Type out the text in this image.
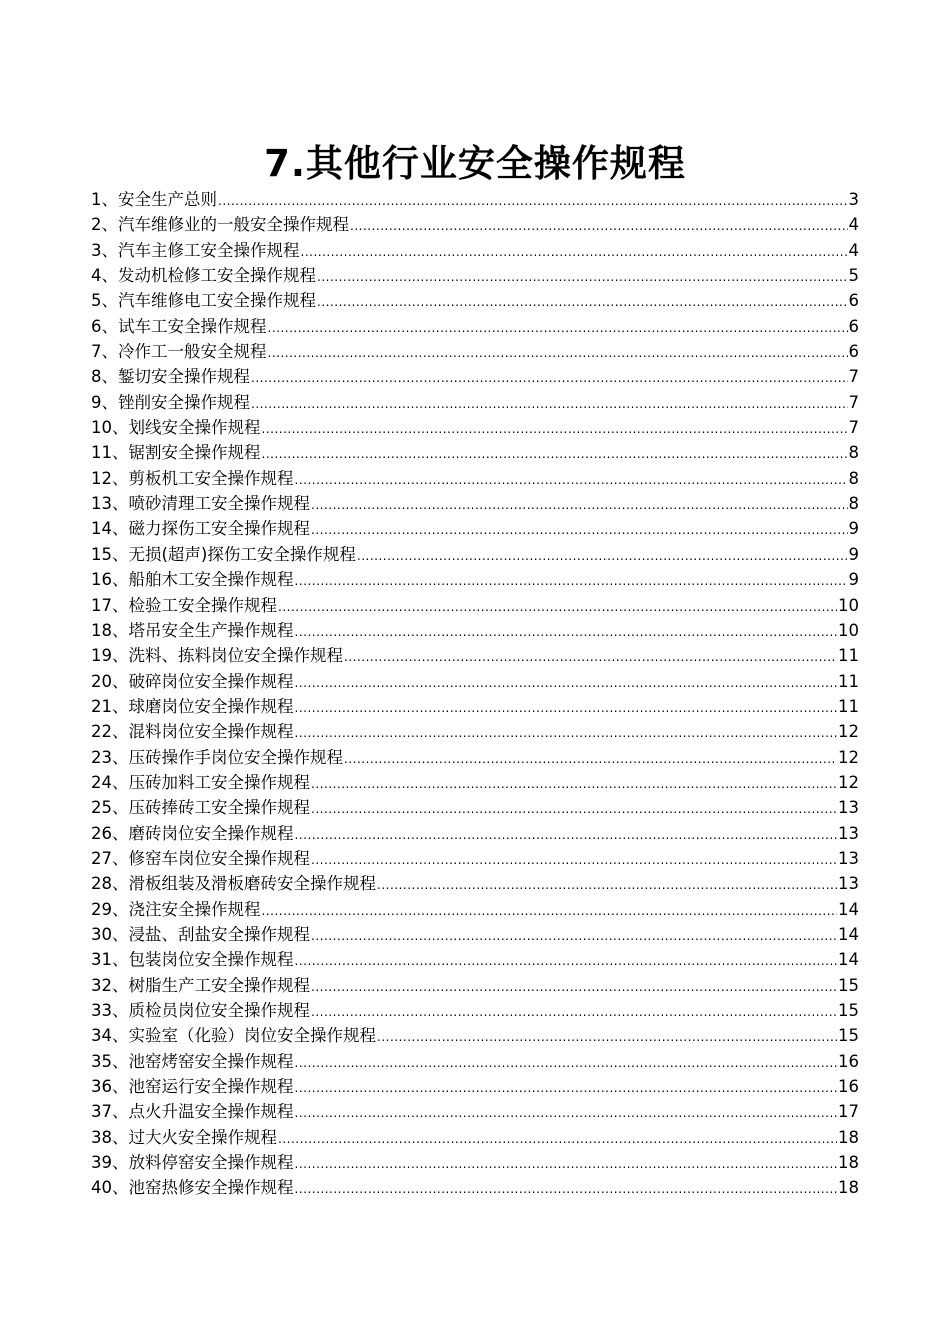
7.其他行业安全操作规程
1、安全生产总则 .....	3
2、汽车维修业的一般安全操作规程 .....	4
3、汽车主修工安全操作规程 .....	4
4、发动机检修工安全操作规程 .....	5
5、汽车维修电工安全操作规程 .....	6
6、试车工安全操作规程 .....	6
7、冷作工一般安全规程 .....	6
8、錾切安全操作规程 .....	7
9、锉削安全操作规程 .....	7
10、划线安全操作规程 .....	7
11、锯割安全操作规程 .....	8
12、剪板机工安全操作规程 .....	8
13、喷砂清理工安全操作规程 .....	8
14、磁力探伤工安全操作规程 .....	9
15、无损(超声)探伤工安全操作规程 .....	9
16、船舶木工安全操作规程 .....	9
17、检验工安全操作规程 .....	10
18、塔吊安全生产操作规程 .....	10
19、洗料、拣料岗位安全操作规程 .....	11
20、破碎岗位安全操作规程 .....	11
21、球磨岗位安全操作规程 .....	11
22、混料岗位安全操作规程 .....	12
23、压砖操作手岗位安全操作规程 .....	12
24、压砖加料工安全操作规程 .....	12
25、压砖捧砖工安全操作规程 .....	13
26、磨砖岗位安全操作规程 .....	13
27、修窑车岗位安全操作规程 .....	13
28、滑板组装及滑板磨砖安全操作规程 .....	13
29、浇注安全操作规程 .....	14
30、浸盐、刮盐安全操作规程 .....	14
31、包装岗位安全操作规程 .....	14
32、树脂生产工安全操作规程 .....	15
33、质检员岗位安全操作规程 .....	15
34、实验室（化验）岗位安全操作规程 .....	15
35、池窑烤窑安全操作规程 .....	16
36、池窑运行安全操作规程 .....	16
37、点火升温安全操作规程 .....	17
38、过大火安全操作规程 .....	18
39、放料停窑安全操作规程 .....	18
40、池窑热修安全操作规程 .....	18
